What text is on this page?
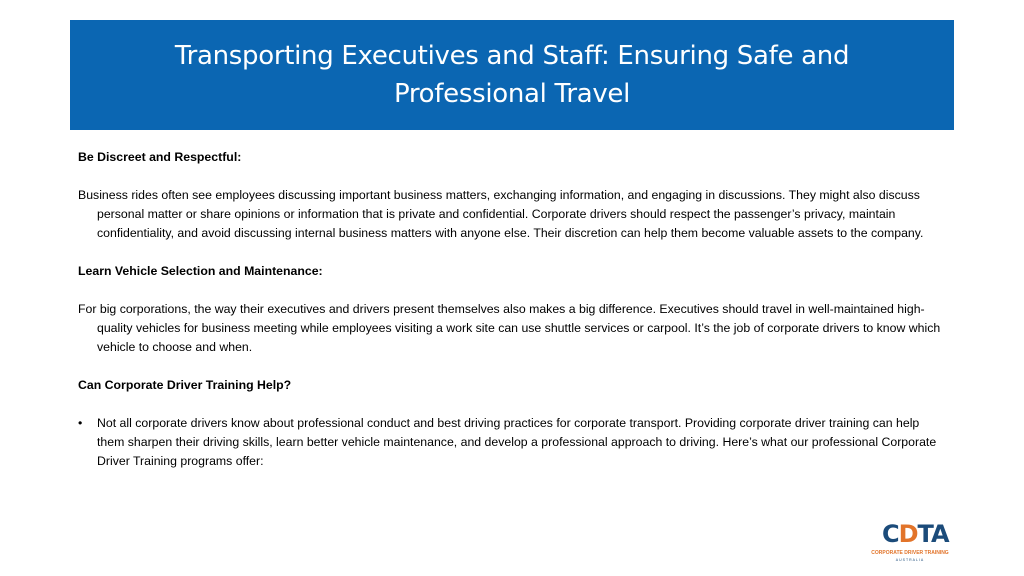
Transporting Executives and Staff: Ensuring Safe and Professional Travel

Be Discreet and Respectful:

Business rides often see employees discussing important business matters, exchanging information, and engaging in discussions. They might also discuss personal matter or share opinions or information that is private and confidential. Corporate drivers should respect the passenger’s privacy, maintain confidentiality, and avoid discussing internal business matters with anyone else. Their discretion can help them become valuable assets to the company.

Learn Vehicle Selection and Maintenance:

For big corporations, the way their executives and drivers present themselves also makes a big difference. Executives should travel in well-maintained high-quality vehicles for business meeting while employees visiting a work site can use shuttle services or carpool. It’s the job of corporate drivers to know which vehicle to choose and when.

Can Corporate Driver Training Help?

•	Not all corporate drivers know about professional conduct and best driving practices for corporate transport. Providing corporate driver training can help them sharpen their driving skills, learn better vehicle maintenance, and develop a professional approach to driving. Here’s what our professional Corporate Driver Training programs offer:
CDTA
CORPORATE DRIVER TRAINING
AUSTRALIA
